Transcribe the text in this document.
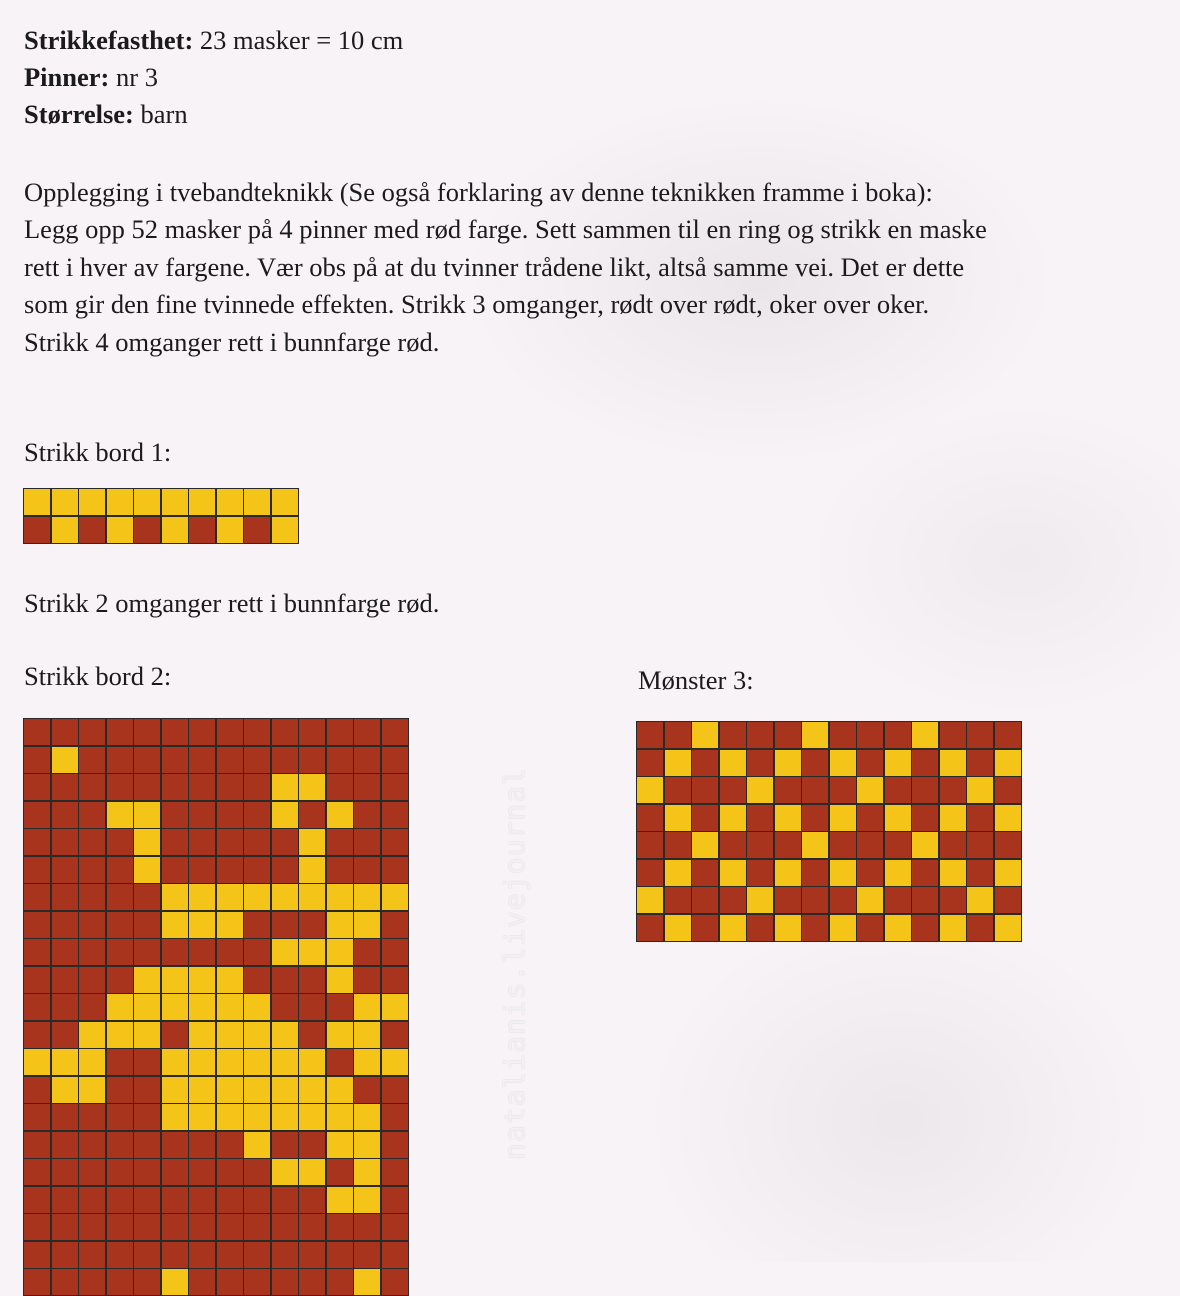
Strikkefasthet: 23 masker = 10 cm
Pinner: nr 3
Størrelse: barn
Opplegging i tvebandteknikk (Se også forklaring av denne teknikken framme i boka):
Legg opp 52 masker på 4 pinner med rød farge. Sett sammen til en ring og strikk en maske
rett i hver av fargene. Vær obs på at du tvinner trådene likt, altså samme vei. Det er dette
som gir den fine tvinnede effekten. Strikk 3 omganger, rødt over rødt, oker over oker.
Strikk 4 omganger rett i bunnfarge rød.
Strikk bord 1:
Strikk 2 omganger rett i bunnfarge rød.
Strikk bord 2:	Mønster 3:
natalianis.livejournal
